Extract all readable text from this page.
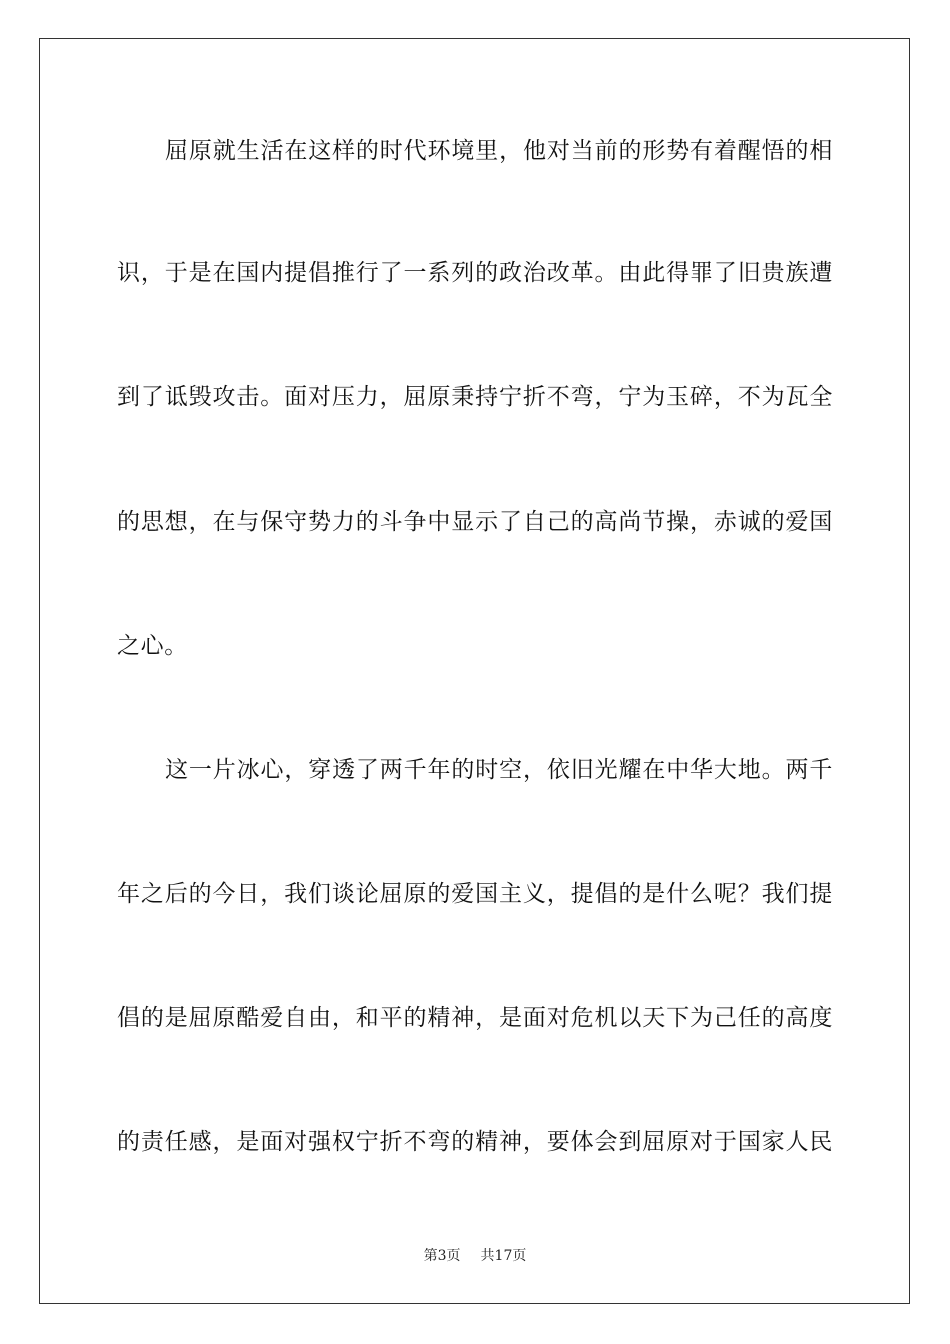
屈原就生活在这样的时代环境里，他对当前的形势有着醒悟的相
识，于是在国内提倡推行了一系列的政治改革。由此得罪了旧贵族遭
到了诋毁攻击。面对压力，屈原秉持宁折不弯，宁为玉碎，不为瓦全
的思想，在与保守势力的斗争中显示了自己的高尚节操，赤诚的爱国
之心。
这一片冰心，穿透了两千年的时空，依旧光耀在中华大地。两千
年之后的今日，我们谈论屈原的爱国主义，提倡的是什么呢？我们提
倡的是屈原酷爱自由，和平的精神，是面对危机以天下为己任的高度
的责任感，是面对强权宁折不弯的精神，要体会到屈原对于国家人民
第3页 共17页
